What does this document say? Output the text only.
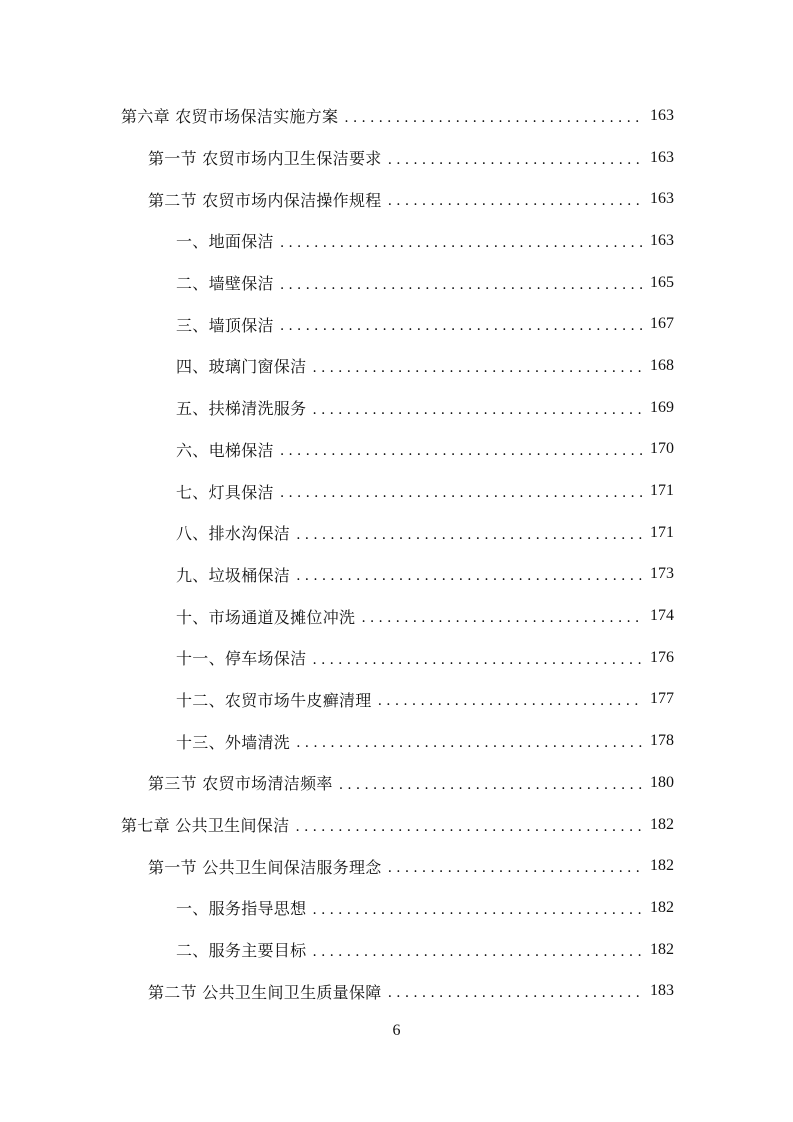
第六章 农贸市场保洁实施方案 .....	163
第一节 农贸市场内卫生保洁要求 .....	163
第二节 农贸市场内保洁操作规程 .....	163
一、地面保洁 .....	163
二、墙壁保洁 .....	165
三、墙顶保洁 .....	167
四、玻璃门窗保洁 .....	168
五、扶梯清洗服务 .....	169
六、电梯保洁 .....	170
七、灯具保洁 .....	171
八、排水沟保洁 .....	171
九、垃圾桶保洁 .....	173
十、市场通道及摊位冲洗 .....	174
十一、停车场保洁 .....	176
十二、农贸市场牛皮癣清理 .....	177
十三、外墙清洗 .....	178
第三节 农贸市场清洁频率 .....	180
第七章 公共卫生间保洁 .....	182
第一节 公共卫生间保洁服务理念 .....	182
一、服务指导思想 .....	182
二、服务主要目标 .....	182
第二节 公共卫生间卫生质量保障 .....	183
6
